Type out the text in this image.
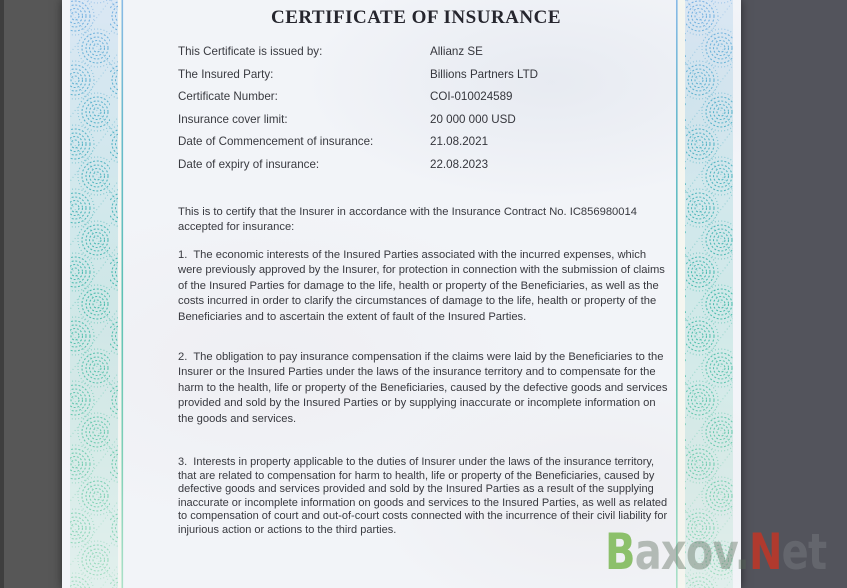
CERTIFICATE OF INSURANCE
This Certificate is issued by:	Allianz SE
The Insured Party:	Billions Partners LTD
Certificate Number:	COI-010024589
Insurance cover limit:	20 000 000 USD
Date of Commencement of insurance:	21.08.2021
Date of expiry of insurance:	22.08.2023

This is to certify that the Insurer in accordance with the Insurance Contract No. IC856980014 accepted for insurance:

1.  The economic interests of the Insured Parties associated with the incurred expenses, which were previously approved by the Insurer, for protection in connection with the submission of claims of the Insured Parties for damage to the life, health or property of the Beneficiaries, as well as the costs incurred in order to clarify the circumstances of damage to the life, health or property of the Beneficiaries and to ascertain the extent of fault of the Insured Parties.

2.  The obligation to pay insurance compensation if the claims were laid by the Beneficiaries to the Insurer or the Insured Parties under the laws of the insurance territory and to compensate for the harm to the health, life or property of the Beneficiaries, caused by the defective goods and services provided and sold by the Insured Parties or by supplying inaccurate or incomplete information on the goods and services.

3.  Interests in property applicable to the duties of Insurer under the laws of the insurance territory, that are related to compensation for harm to health, life or property of the Beneficiaries, caused by defective goods and services provided and sold by the Insured Parties as a result of the supplying inaccurate or incomplete information on goods and services to the Insured Parties, as well as related to compensation of court and out-of-court costs connected with the incurrence of their civil liability for injurious action or actions to the third parties.	Baxov.Net
